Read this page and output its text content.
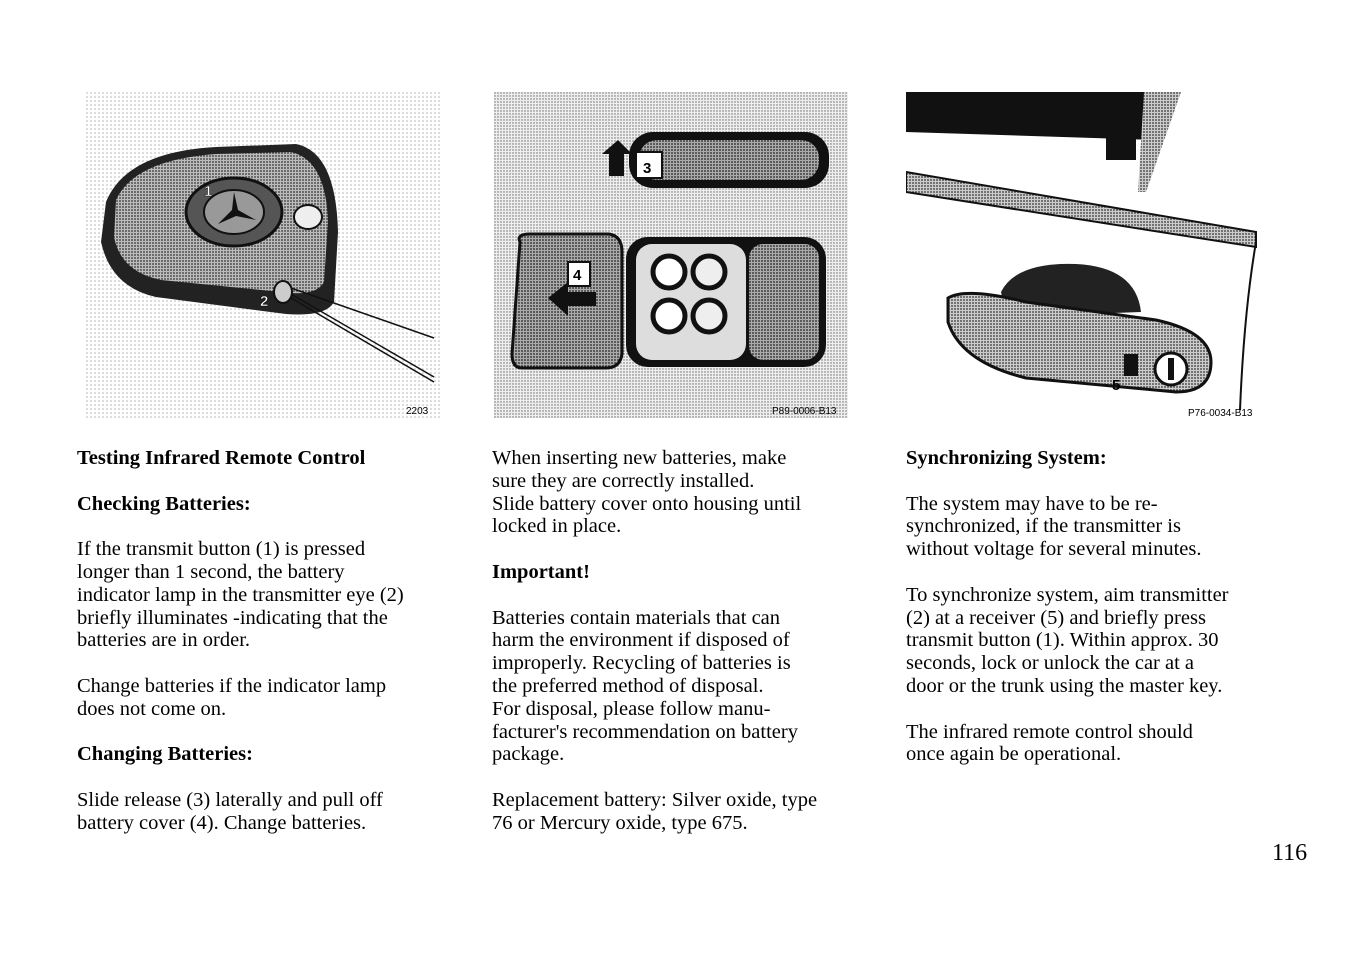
1
2
2203
3
4
P89-0006-B13
5
P76-0034-B13

Testing Infrared Remote Control

Checking Batteries:

If the transmit button (1) is pressed
longer than 1 second, the battery
indicator lamp in the transmitter eye (2)
briefly illuminates -indicating that the
batteries are in order.

Change batteries if the indicator lamp
does not come on.

Changing Batteries:

Slide release (3) laterally and pull off
battery cover (4). Change batteries.

When inserting new batteries, make
sure they are correctly installed.
Slide battery cover onto housing until
locked in place.

Important!

Batteries contain materials that can
harm the environment if disposed of
improperly. Recycling of batteries is
the preferred method of disposal.
For disposal, please follow manu-
facturer's recommendation on battery
package.

Replacement battery: Silver oxide, type
76 or Mercury oxide, type 675.

Synchronizing System:

The system may have to be re-
synchronized, if the transmitter is
without voltage for several minutes.

To synchronize system, aim transmitter
(2) at a receiver (5) and briefly press
transmit button (1). Within approx. 30
seconds, lock or unlock the car at a
door or the trunk using the master key.

The infrared remote control should
once again be operational.

116
